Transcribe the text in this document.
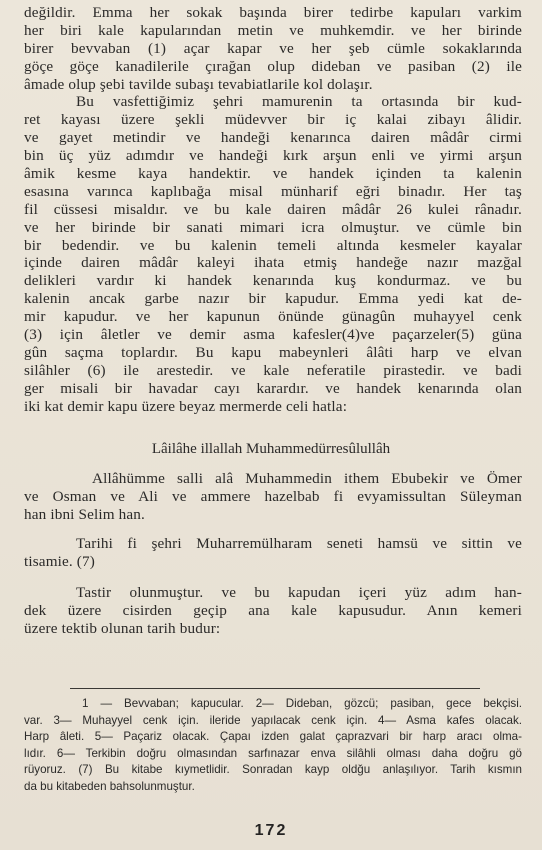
değildir. Emma her sokak başında birer tedirbe kapuları varkim
her biri kale kapularından metin ve muhkemdir. ve her birinde
birer bevvaban (1) açar kapar ve her şeb cümle sokaklarında
göçe göçe kanadilerile çırağan olup dideban ve pasiban (2) ile
âmade olup şebi tavilde subaşı tevabiatlarile kol dolaşır.
Bu vasfettiğimiz şehri mamurenin ta ortasında bir kud-
ret kayası üzere şekli müdevver bir iç kalai zibayı âlidir.
ve gayet metindir ve handeği kenarınca dairen mâdâr cirmi
bin üç yüz adımdır ve handeği kırk arşun enli ve yirmi arşun
âmik kesme kaya handektir. ve handek içinden ta kalenin
esasına varınca kaplıbağa misal münharif eğri binadır. Her taş
fil cüssesi misaldır. ve bu kale dairen mâdâr 26 kulei rânadır.
ve her birinde bir sanati mimari icra olmuştur. ve cümle bin
bir bedendir. ve bu kalenin temeli altında kesmeler kayalar
içinde dairen mâdâr kaleyi ihata etmiş handeğe nazır mazğal
delikleri vardır ki handek kenarında kuş kondurmaz. ve bu
kalenin ancak garbe nazır bir kapudur. Emma yedi kat de-
mir kapudur. ve her kapunun önünde günagûn muhayyel cenk
(3) için âletler ve demir asma kafesler(4)ve paçarzeler(5) güna
gûn saçma toplardır. Bu kapu mabeynleri âlâti harp ve elvan
silâhler (6) ile arestedir. ve kale neferatile pirastedir. ve badi
ger misali bir havadar cayı karardır. ve handek kenarında olan
iki kat demir kapu üzere beyaz mermerde celi hatla:
Lâilâhe illallah Muhammedürresûlullâh
Allâhümme salli alâ Muhammedin ithem Ebubekir ve Ömer
ve Osman ve Ali ve ammere hazelbab fi evyamissultan Süleyman
han ibni Selim han.
Tarihi fi şehri Muharremülharam seneti hamsü ve sittin ve
tisamie. (7)
Tastir olunmuştur. ve bu kapudan içeri yüz adım han-
dek üzere cisirden geçip ana kale kapusudur. Anın kemeri
üzere tektib olunan tarih budur:
1 — Bevvaban; kapucular. 2— Dideban, gözcü; pasiban, gece bekçisi.
var. 3— Muhayyel cenk için. ileride yapılacak cenk için. 4— Asma kafes olacak.
Harp âleti. 5— Paçariz olacak. Çapaı izden galat çaprazvari bir harp aracı olma-
lıdır. 6— Terkibin doğru olmasından sarfınazar enva silâhli olması daha doğru gö
rüyoruz. (7) Bu kitabe kıymetlidir. Sonradan kayp oldğu anlaşılıyor. Tarih kısmın
da bu kitabeden bahsolunmuştur.
172
